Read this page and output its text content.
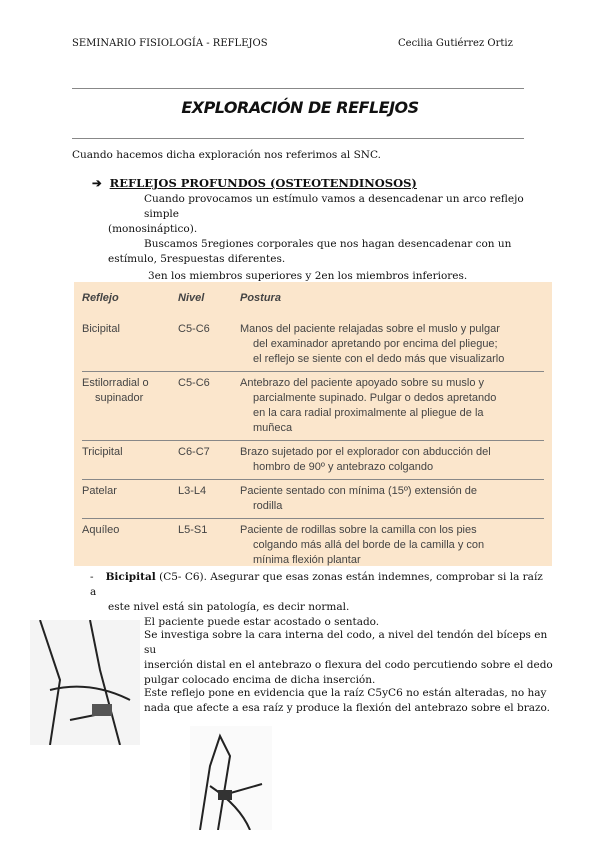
SEMINARIO FISIOLOGÍA - REFLEJOS	Cecilia Gutiérrez Ortiz
EXPLORACIÓN DE REFLEJOS
Cuando hacemos dicha exploración nos referimos al SNC.
➔ REFLEJOS PROFUNDOS (OSTEOTENDINOSOS)
Cuando provocamos un estímulo vamos a desencadenar un arco reflejo simple
(monosináptico).
Buscamos 5regiones corporales que nos hagan desencadenar con un
estímulo, 5respuestas diferentes.
3en los miembros superiores y 2en los miembros inferiores.
Reflejo	Nivel	Postura

Bicipital	C5-C6	Manos del paciente relajadas sobre el muslo y pulgar
del examinador apretando por encima del pliegue;
el reflejo se siente con el dedo más que visualizarlo

Estilorradial o
supinador	C5-C6	Antebrazo del paciente apoyado sobre su muslo y
parcialmente supinado. Pulgar o dedos apretando
en la cara radial proximalmente al pliegue de la
muñeca

Tricipital	C6-C7	Brazo sujetado por el explorador con abducción del
hombro de 90º y antebrazo colgando

Patelar	L3-L4	Paciente sentado con mínima (15º) extensión de
rodilla

Aquíleo	L5-S1	Paciente de rodillas sobre la camilla con los pies
colgando más allá del borde de la camilla y con
mínima flexión plantar
- Bicipital (C5- C6). Asegurar que esas zonas están indemnes, comprobar si la raíz a
este nivel está sin patología, es decir normal.
El paciente puede estar acostado o sentado.
Se investiga sobre la cara interna del codo, a nivel del tendón del bíceps en su
inserción distal en el antebrazo o flexura del codo percutiendo sobre el dedo
pulgar colocado encima de dicha inserción.
Este reflejo pone en evidencia que la raíz C5yC6 no están alteradas, no hay
nada que afecte a esa raíz y produce la flexión del antebrazo sobre el brazo.
